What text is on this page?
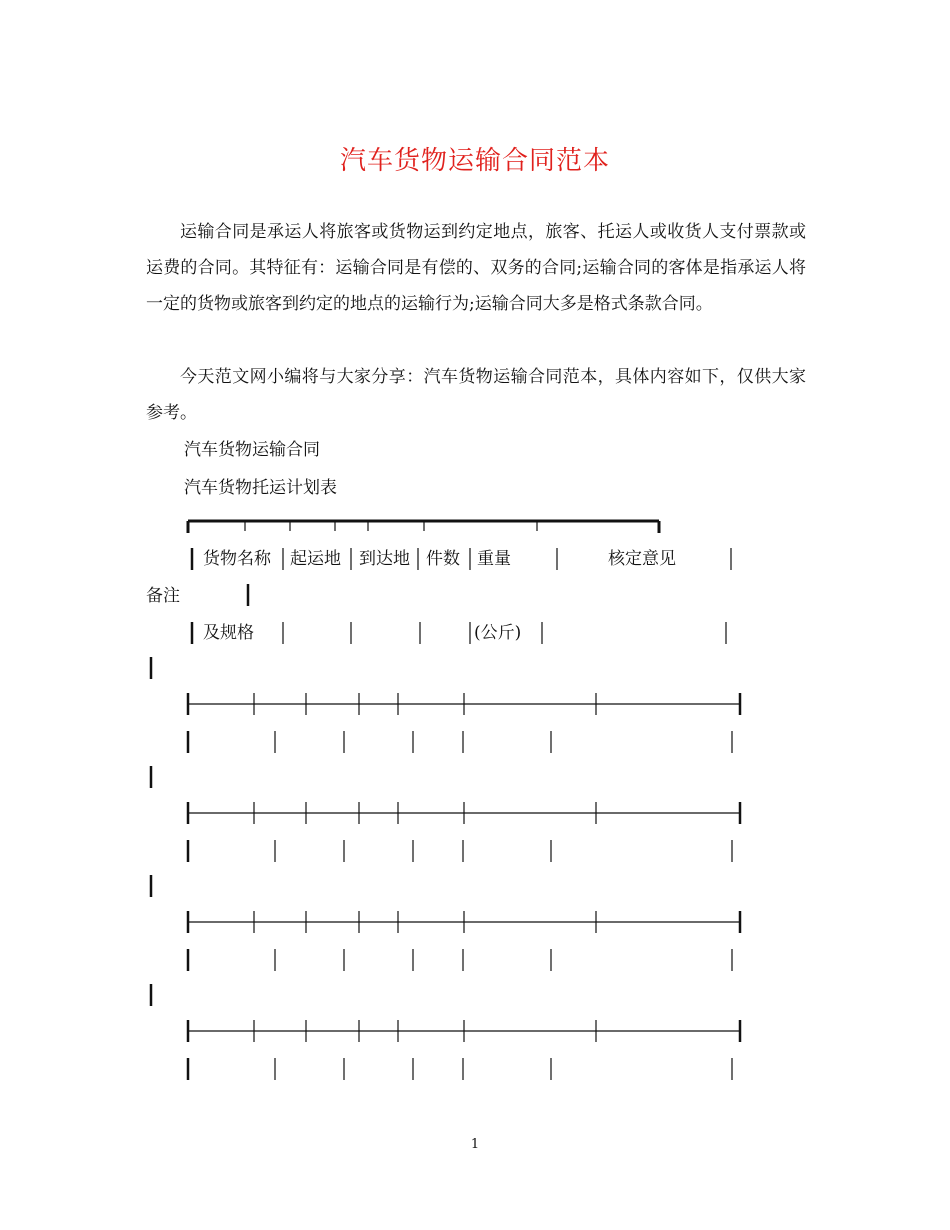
汽车货物运输合同范本

运输合同是承运人将旅客或货物运到约定地点，旅客、托运人或收货人支付票款或运费的合同。其特征有：运输合同是有偿的、双务的合同;运输合同的客体是指承运人将一定的货物或旅客到约定的地点的运输行为;运输合同大多是格式条款合同。

今天范文网小编将与大家分享：汽车货物运输合同范本，具体内容如下，仅供大家参考。

汽车货物运输合同
汽车货物托运计划表
货物名称 起运地 到达地 件数 重量	核定意见
备注
及规格	(公斤)
1
